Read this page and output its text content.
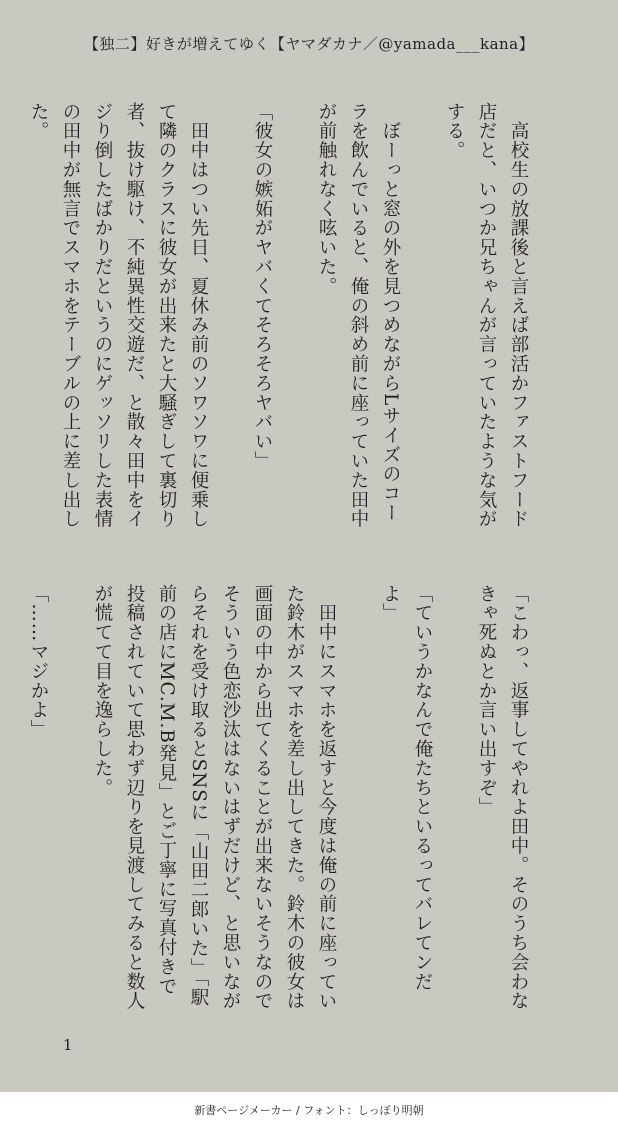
【独二】好きが増えてゆく【ヤマダカナ／@yamada___kana】

　高校生の放課後と言えば部活かファストフード店だと、いつか兄ちゃんが言っていたような気がする。

　ぼーっと窓の外を見つめながらLサイズのコーラを飲んでいると、俺の斜め前に座っていた田中が前触れなく呟いた。

「彼女の嫉妬がヤバくてそろそろヤバい」

　田中はつい先日、夏休み前のソワソワに便乗して隣のクラスに彼女が出来たと大騒ぎして裏切り者、抜け駆け、不純異性交遊だ、と散々田中をイジり倒したばかりだというのにゲッソリした表情の田中が無言でスマホをテーブルの上に差し出した。

「こわっ、返事してやれよ田中。そのうち会わなきゃ死ぬとか言い出すぞ」

「ていうかなんで俺たちといるってバレてンだよ」

　田中にスマホを返すと今度は俺の前に座っていた鈴木がスマホを差し出してきた。鈴木の彼女は画面の中から出てくることが出来ないそうなのでそういう色恋沙汰はないはずだけど、と思いながらそれを受け取るとSNSに「山田二郎いた」「駅前の店にMC.M.B発見」とご丁寧に写真付きで投稿されていて思わず辺りを見渡してみると数人が慌てて目を逸らした。

「……マジかよ」

1
新書ページメーカー / フォント：しっぽり明朝
